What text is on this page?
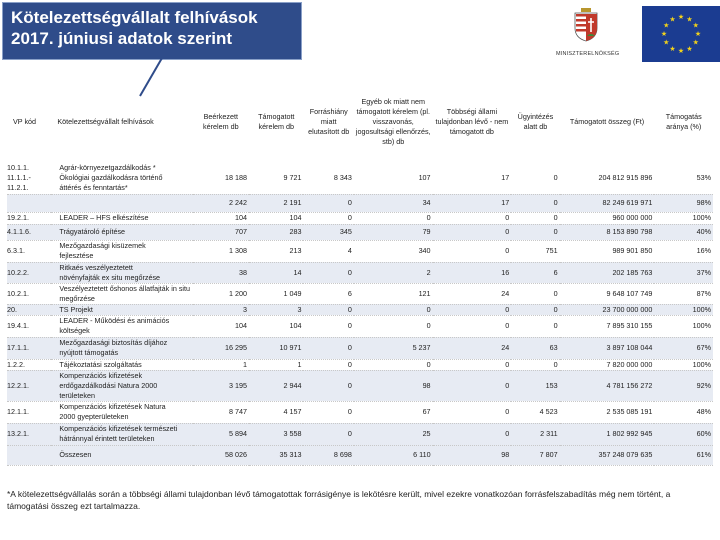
Kötelezettségvállalt felhívások
2017. júniusi adatok szerint
MINISZTERELNÖKSÉG
★
★
★
★
★
★
★
★
★ ★ ★
★
VP kód	Kötelezettségvállalt felhívások	Beérkezett kérelem db	Támogatott kérelem db	Forráshiány miatt elutasított db	Egyéb ok miatt nem támogatott kérelem (pl. visszavonás, jogosultsági ellenőrzés, stb) db	Többségi állami tulajdonban lévő - nem támogatott db	Ügyintézés alatt db	Támogatott összeg (Ft)	Támogatás aránya (%)

10.1.1.
11.1.1.-
11.2.1.	Agrár-környezetgazdálkodás *
Ökológiai gazdálkodásra történő
áttérés és fenntartás*	18 188	9 721	8 343	107	17	0	204 812 915 896	53%

	2 242	2 191	0	34	17	0	82 249 619 971	98%

19.2.1.	LEADER – HFS elkészítése	104	104	0	0	0	0	960 000 000	100%

4.1.1.6.	Trágyatároló építése	707	283	345	79	0	0	8 153 890 798	40%

6.3.1.	Mezőgazdasági kisüzemek
fejlesztése	1 308	213	4	340	0	751	989 901 850	16%

10.2.2.	Ritkaés veszélyeztetett
növényfajták ex situ megőrzése	38	14	0	2	16	6	202 185 763	37%

10.2.1.	Veszélyeztetett őshonos állatfajták in situ
megőrzése	1 200	1 049	6	121	24	0	9 648 107 749	87%

20.	TS Projekt	3	3	0	0	0	0	23 700 000 000	100%

19.4.1.	LEADER - Működési és animációs
költségek	104	104	0	0	0	0	7 895 310 155	100%

17.1.1.	Mezőgazdasági biztosítás díjához
nyújtott támogatás	16 295	10 971	0	5 237	24	63	3 897 108 044	67%

1.2.2.	Tájékoztatási szolgáltatás	1	1	0	0	0	0	7 820 000 000	100%

12.2.1.	Kompenzációs kifizetések
erdőgazdálkodási Natura 2000
területeken	3 195	2 944	0	98	0	153	4 781 156 272	92%

12.1.1.	Kompenzációs kifizetések Natura
2000 gyepterületeken	8 747	4 157	0	67	0	4 523	2 535 085 191	48%

13.2.1.	Kompenzációs kifizetések természeti
hátránnyal érintett területeken	5 894	3 558	0	25	0	2 311	1 802 992 945	60%
	Összesen	58 026	35 313	8 698	6 110	98	7 807	357 248 079 635	61%
*A kötelezettségvállalás során a többségi állami tulajdonban lévő támogatottak forrásigénye is lekötésre került, mivel ezekre vonatkozóan forrásfelszabadítás még nem történt, a támogatási összeg ezt tartalmazza.
